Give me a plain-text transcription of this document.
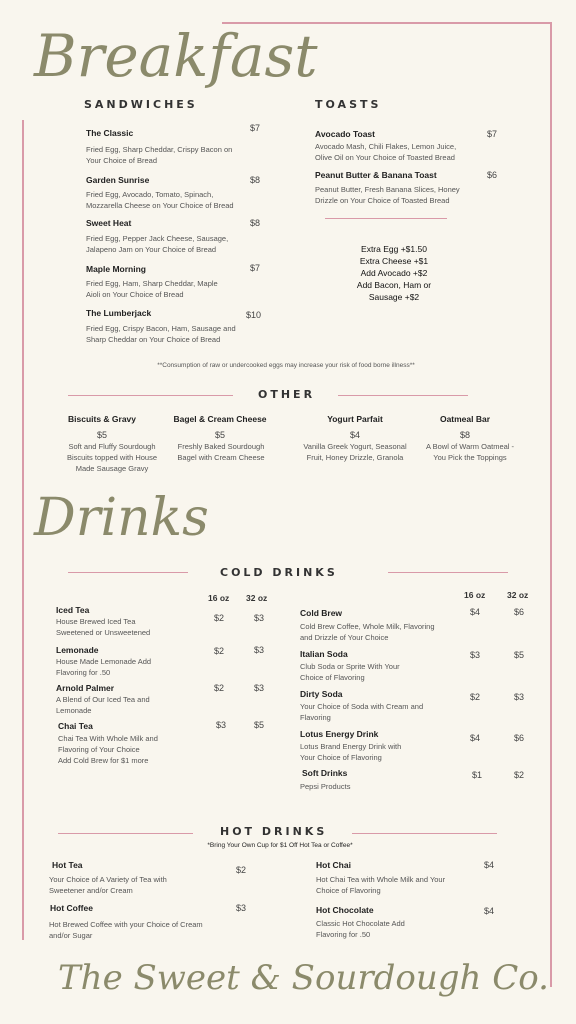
Breakfast
SANDWICHES	TOASTS
The Classic	$7
Fried Egg, Sharp Cheddar, Crispy Bacon on Your Choice of Bread
Garden Sunrise	$8
Fried Egg, Avocado, Tomato, Spinach, Mozzarella Cheese on Your Choice of Bread
Sweet Heat	$8
Fried Egg, Pepper Jack Cheese, Sausage, Jalapeno Jam on Your Choice of Bread
Maple Morning	$7
Fried Egg, Ham, Sharp Cheddar, Maple Aioli on Your Choice of Bread
The Lumberjack	$10
Fried Egg, Crispy Bacon, Ham, Sausage and Sharp Cheddar on Your Choice of Bread
Avocado Toast	$7
Avocado Mash, Chili Flakes, Lemon Juice, Olive Oil on Your Choice of Toasted Bread
Peanut Butter & Banana Toast	$6
Peanut Butter, Fresh Banana Slices, Honey Drizzle on Your Choice of Toasted Bread
Extra Egg +$1.50
Extra Cheese +$1
Add Avocado +$2
Add Bacon, Ham or Sausage +$2
**Consumption of raw or undercooked eggs may increase your risk of food borne illness**
OTHER
Biscuits & Gravy
$5
Soft and Fluffy Sourdough Biscuits topped with House Made Sausage Gravy
Bagel & Cream Cheese
$5
Freshly Baked Sourdough Bagel with Cream Cheese
Yogurt Parfait
$4
Vanilla Greek Yogurt, Seasonal Fruit, Honey Drizzle, Granola
Oatmeal Bar
$8
A Bowl of Warm Oatmeal - You Pick the Toppings
Drinks
COLD DRINKS
16 oz 32 oz	16 oz	32 oz
Iced Tea
House Brewed Iced Tea Sweetened or Unsweetened
$2	$3
Lemonade
House Made Lemonade Add Flavoring for .50
$2	$3
Arnold Palmer
A Blend of Our Iced Tea and Lemonade
$2	$3
Chai Tea
Chai Tea With Whole Milk and Flavoring of Your Choice
Add Cold Brew for $1 more
$3	$5
Cold Brew
Cold Brew Coffee, Whole Milk, Flavoring and Drizzle of Your Choice
$4	$6
Italian Soda
Club Soda or Sprite With Your Choice of Flavoring
$3	$5
Dirty Soda
Your Choice of Soda with Cream and Flavoring
$2	$3
Lotus Energy Drink
Lotus Brand Energy Drink with Your Choice of Flavoring
$4	$6
Soft Drinks
Pepsi Products
$1	$2
HOT DRINKS
*Bring Your Own Cup for $1 Off Hot Tea or Coffee*
Hot Tea
Your Choice of A Variety of Tea with Sweetener and/or Cream
$2
Hot Coffee
Hot Brewed Coffee with your Choice of Cream and/or Sugar
$3
Hot Chai
Hot Chai Tea with Whole Milk and Your Choice of Flavoring
$4
Hot Chocolate
Classic Hot Chocolate Add Flavoring for .50
$4
The Sweet & Sourdough Co.
